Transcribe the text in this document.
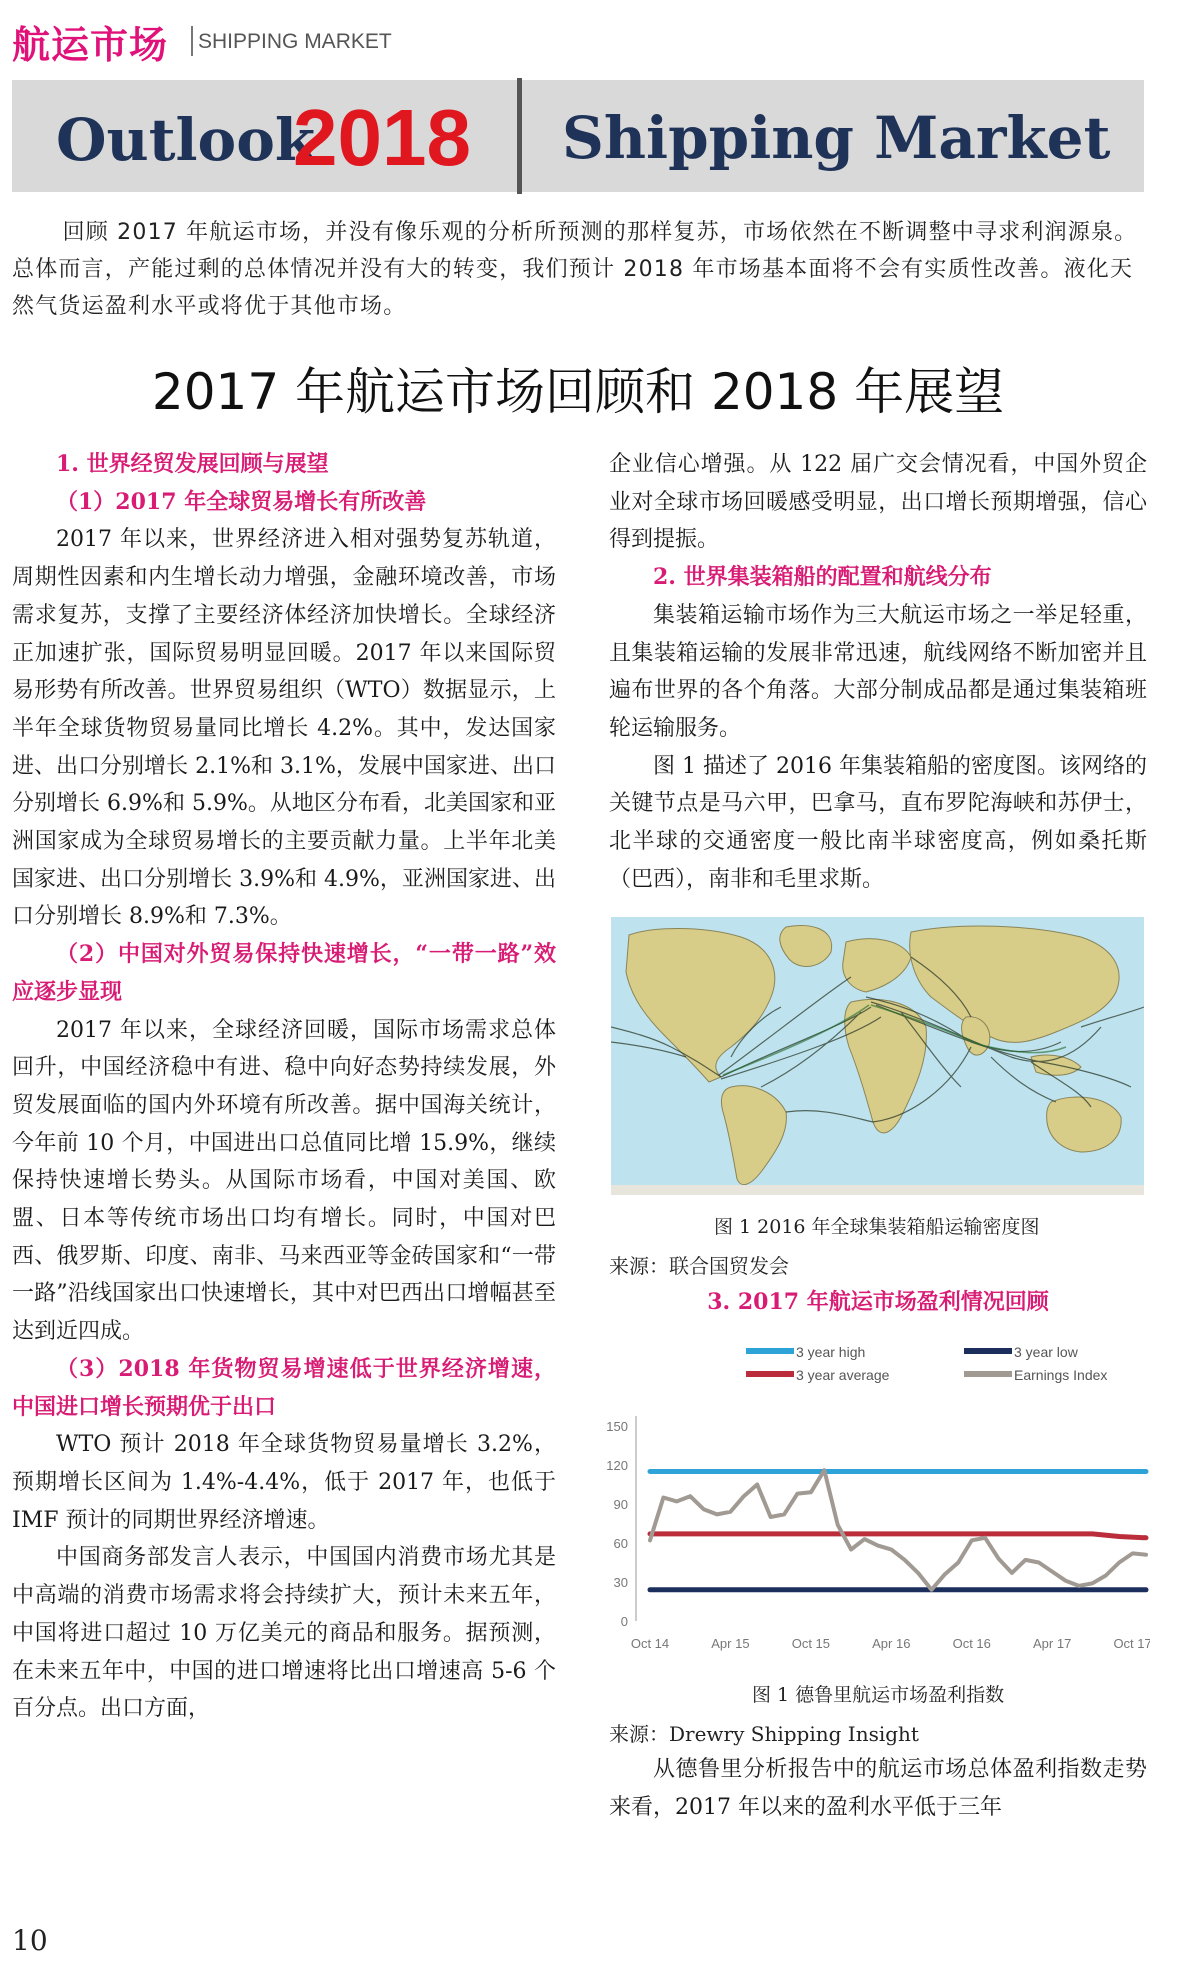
航运市场 SHIPPING MARKET
Outlook
2018 Shipping Market
回顾 2017 年航运市场，并没有像乐观的分析所预测的那样复苏，市场依然在不断调整中寻求利润源泉。总体而言，产能过剩的总体情况并没有大的转变，我们预计 2018 年市场基本面将不会有实质性改善。液化天然气货运盈利水平或将优于其他市场。
2017 年航运市场回顾和 2018 年展望

1. 世界经贸发展回顾与展望

（1）2017 年全球贸易增长有所改善

2017 年以来，世界经济进入相对强势复苏轨道，周期性因素和内生增长动力增强，金融环境改善，市场需求复苏，支撑了主要经济体经济加快增长。全球经济正加速扩张，国际贸易明显回暖。2017 年以来国际贸易形势有所改善。世界贸易组织（WTO）数据显示，上半年全球货物贸易量同比增长 4.2%。其中，发达国家进、出口分别增长 2.1%和 3.1%，发展中国家进、出口分别增长 6.9%和 5.9%。从地区分布看，北美国家和亚洲国家成为全球贸易增长的主要贡献力量。上半年北美国家进、出口分别增长 3.9%和 4.9%，亚洲国家进、出口分别增长 8.9%和 7.3%。

（2）中国对外贸易保持快速增长，“一带一路”效应逐步显现

2017 年以来，全球经济回暖，国际市场需求总体回升，中国经济稳中有进、稳中向好态势持续发展，外贸发展面临的国内外环境有所改善。据中国海关统计，今年前 10 个月，中国进出口总值同比增 15.9%，继续保持快速增长势头。从国际市场看，中国对美国、欧盟、日本等传统市场出口均有增长。同时，中国对巴西、俄罗斯、印度、南非、马来西亚等金砖国家和“一带一路”沿线国家出口快速增长，其中对巴西出口增幅甚至达到近四成。

（3）2018 年货物贸易增速低于世界经济增速，中国进口增长预期优于出口

WTO 预计 2018 年全球货物贸易量增长 3.2%，预期增长区间为 1.4%-4.4%，低于 2017 年，也低于 IMF 预计的同期世界经济增速。

中国商务部发言人表示，中国国内消费市场尤其是中高端的消费市场需求将会持续扩大，预计未来五年，中国将进口超过 10 万亿美元的商品和服务。据预测，在未来五年中，中国的进口增速将比出口增速高 5-6 个百分点。出口方面，

企业信心增强。从 122 届广交会情况看，中国外贸企业对全球市场回暖感受明显，出口增长预期增强，信心得到提振。

2. 世界集装箱船的配置和航线分布

集装箱运输市场作为三大航运市场之一举足轻重，且集装箱运输的发展非常迅速，航线网络不断加密并且遍布世界的各个角落。大部分制成品都是通过集装箱班轮运输服务。

图 1 描述了 2016 年集装箱船的密度图。该网络的关键节点是马六甲，巴拿马，直布罗陀海峡和苏伊士，北半球的交通密度一般比南半球密度高，例如桑托斯（巴西），南非和毛里求斯。

图 1 2016 年全球集装箱船运输密度图
来源：联合国贸发会

3. 2017 年航运市场盈利情况回顾

3 year high	3 year low
3 year average	Earnings Index
0
30
60
90
120
150
Oct 14	Apr 15	Oct 15	Apr 16	Oct 16	Apr 17	Oct 17
图 1 德鲁里航运市场盈利指数
来源：Drewry Shipping Insight

从德鲁里分析报告中的航运市场总体盈利指数走势来看，2017 年以来的盈利水平低于三年

10
